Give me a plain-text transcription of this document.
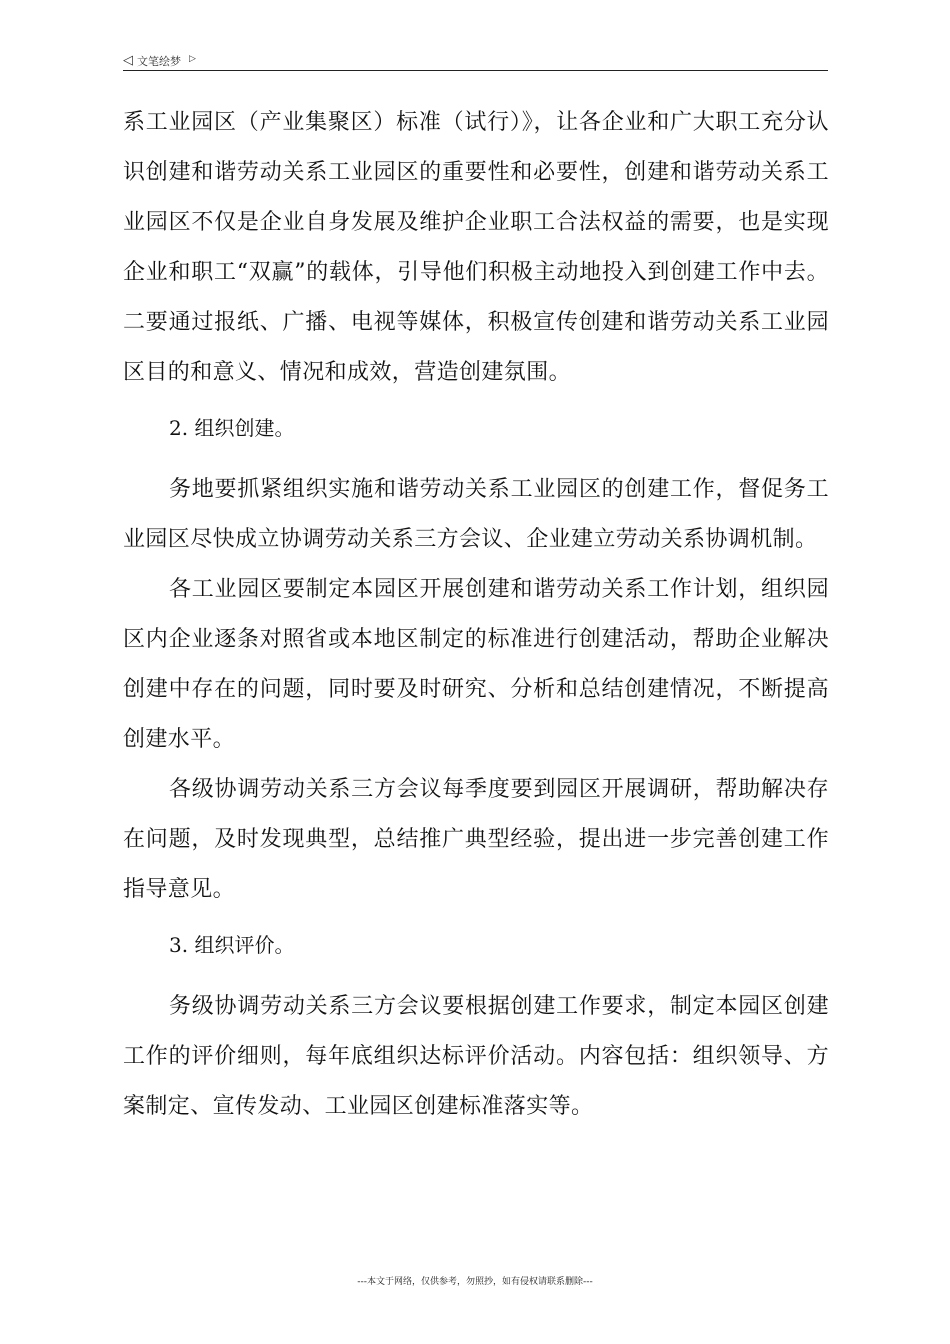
◁ 文笔绘梦 ▷

系工业园区（产业集聚区）标准（试行）》，让各企业和广大职工充分认识创建和谐劳动关系工业园区的重要性和必要性，创建和谐劳动关系工业园区不仅是企业自身发展及维护企业职工合法权益的需要，也是实现企业和职工“双赢”的载体，引导他们积极主动地投入到创建工作中去。二要通过报纸、广播、电视等媒体，积极宣传创建和谐劳动关系工业园区目的和意义、情况和成效，营造创建氛围。

2. 组织创建。

务地要抓紧组织实施和谐劳动关系工业园区的创建工作，督促务工业园区尽快成立协调劳动关系三方会议、企业建立劳动关系协调机制。

各工业园区要制定本园区开展创建和谐劳动关系工作计划，组织园区内企业逐条对照省或本地区制定的标准进行创建活动，帮助企业解决创建中存在的问题，同时要及时研究、分析和总结创建情况，不断提高创建水平。

各级协调劳动关系三方会议每季度要到园区开展调研，帮助解决存在问题，及时发现典型，总结推广典型经验，提出进一步完善创建工作指导意见。

3. 组织评价。

务级协调劳动关系三方会议要根据创建工作要求，制定本园区创建工作的评价细则，每年底组织达标评价活动。内容包括：组织领导、方案制定、宣传发动、工业园区创建标准落实等。

---本文于网络，仅供参考，勿照抄，如有侵权请联系删除---
